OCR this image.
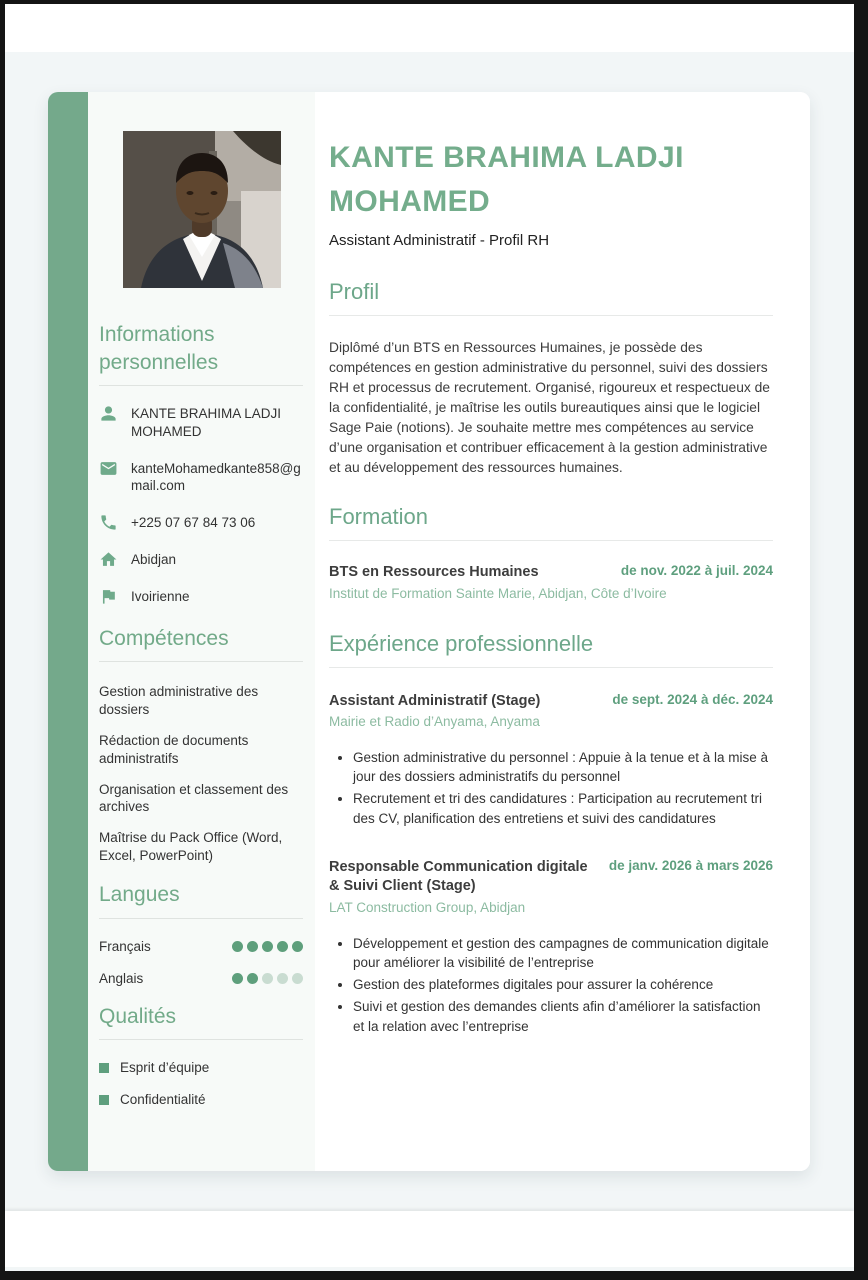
Informations personnelles
KANTE BRAHIMA LADJI MOHAMED
kanteMohamedkante858@gmail.com
+225 07 67 84 73 06
Abidjan
Ivoirienne
Compétences
Gestion administrative des dossiers
Rédaction de documents administratifs
Organisation et classement des archives
Maîtrise du Pack Office (Word, Excel, PowerPoint)
Langues
Français
Anglais
Qualités
Esprit d’équipe
Confidentialité
KANTE BRAHIMA LADJI MOHAMED
Assistant Administratif - Profil RH
Profil

Diplômé d’un BTS en Ressources Humaines, je possède des compétences en gestion administrative du personnel, suivi des dossiers RH et processus de recrutement. Organisé, rigoureux et respectueux de la confidentialité, je maîtrise les outils bureautiques ainsi que le logiciel Sage Paie (notions). Je souhaite mettre mes compétences au service d’une organisation et contribuer efficacement à la gestion administrative et au développement des ressources humaines.

Formation
BTS en Ressources Humaines	de nov. 2022 à juil. 2024
Institut de Formation Sainte Marie, Abidjan, Côte d’Ivoire
Expérience professionnelle
Assistant Administratif (Stage)	de sept. 2024 à déc. 2024
Mairie et Radio d’Anyama, Anyama
• Gestion administrative du personnel : Appuie à la tenue et à la mise à jour des dossiers administratifs du personnel
• Recrutement et tri des candidatures : Participation au recrutement tri des CV, planification des entretiens et suivi des candidatures
Responsable Communication digitale & Suivi Client (Stage)
de janv. 2026 à mars 2026
LAT Construction Group, Abidjan
• Développement et gestion des campagnes de communication digitale pour améliorer la visibilité de l’entreprise
• Gestion des plateformes digitales pour assurer la cohérence
• Suivi et gestion des demandes clients afin d’améliorer la satisfaction et la relation avec l’entreprise
